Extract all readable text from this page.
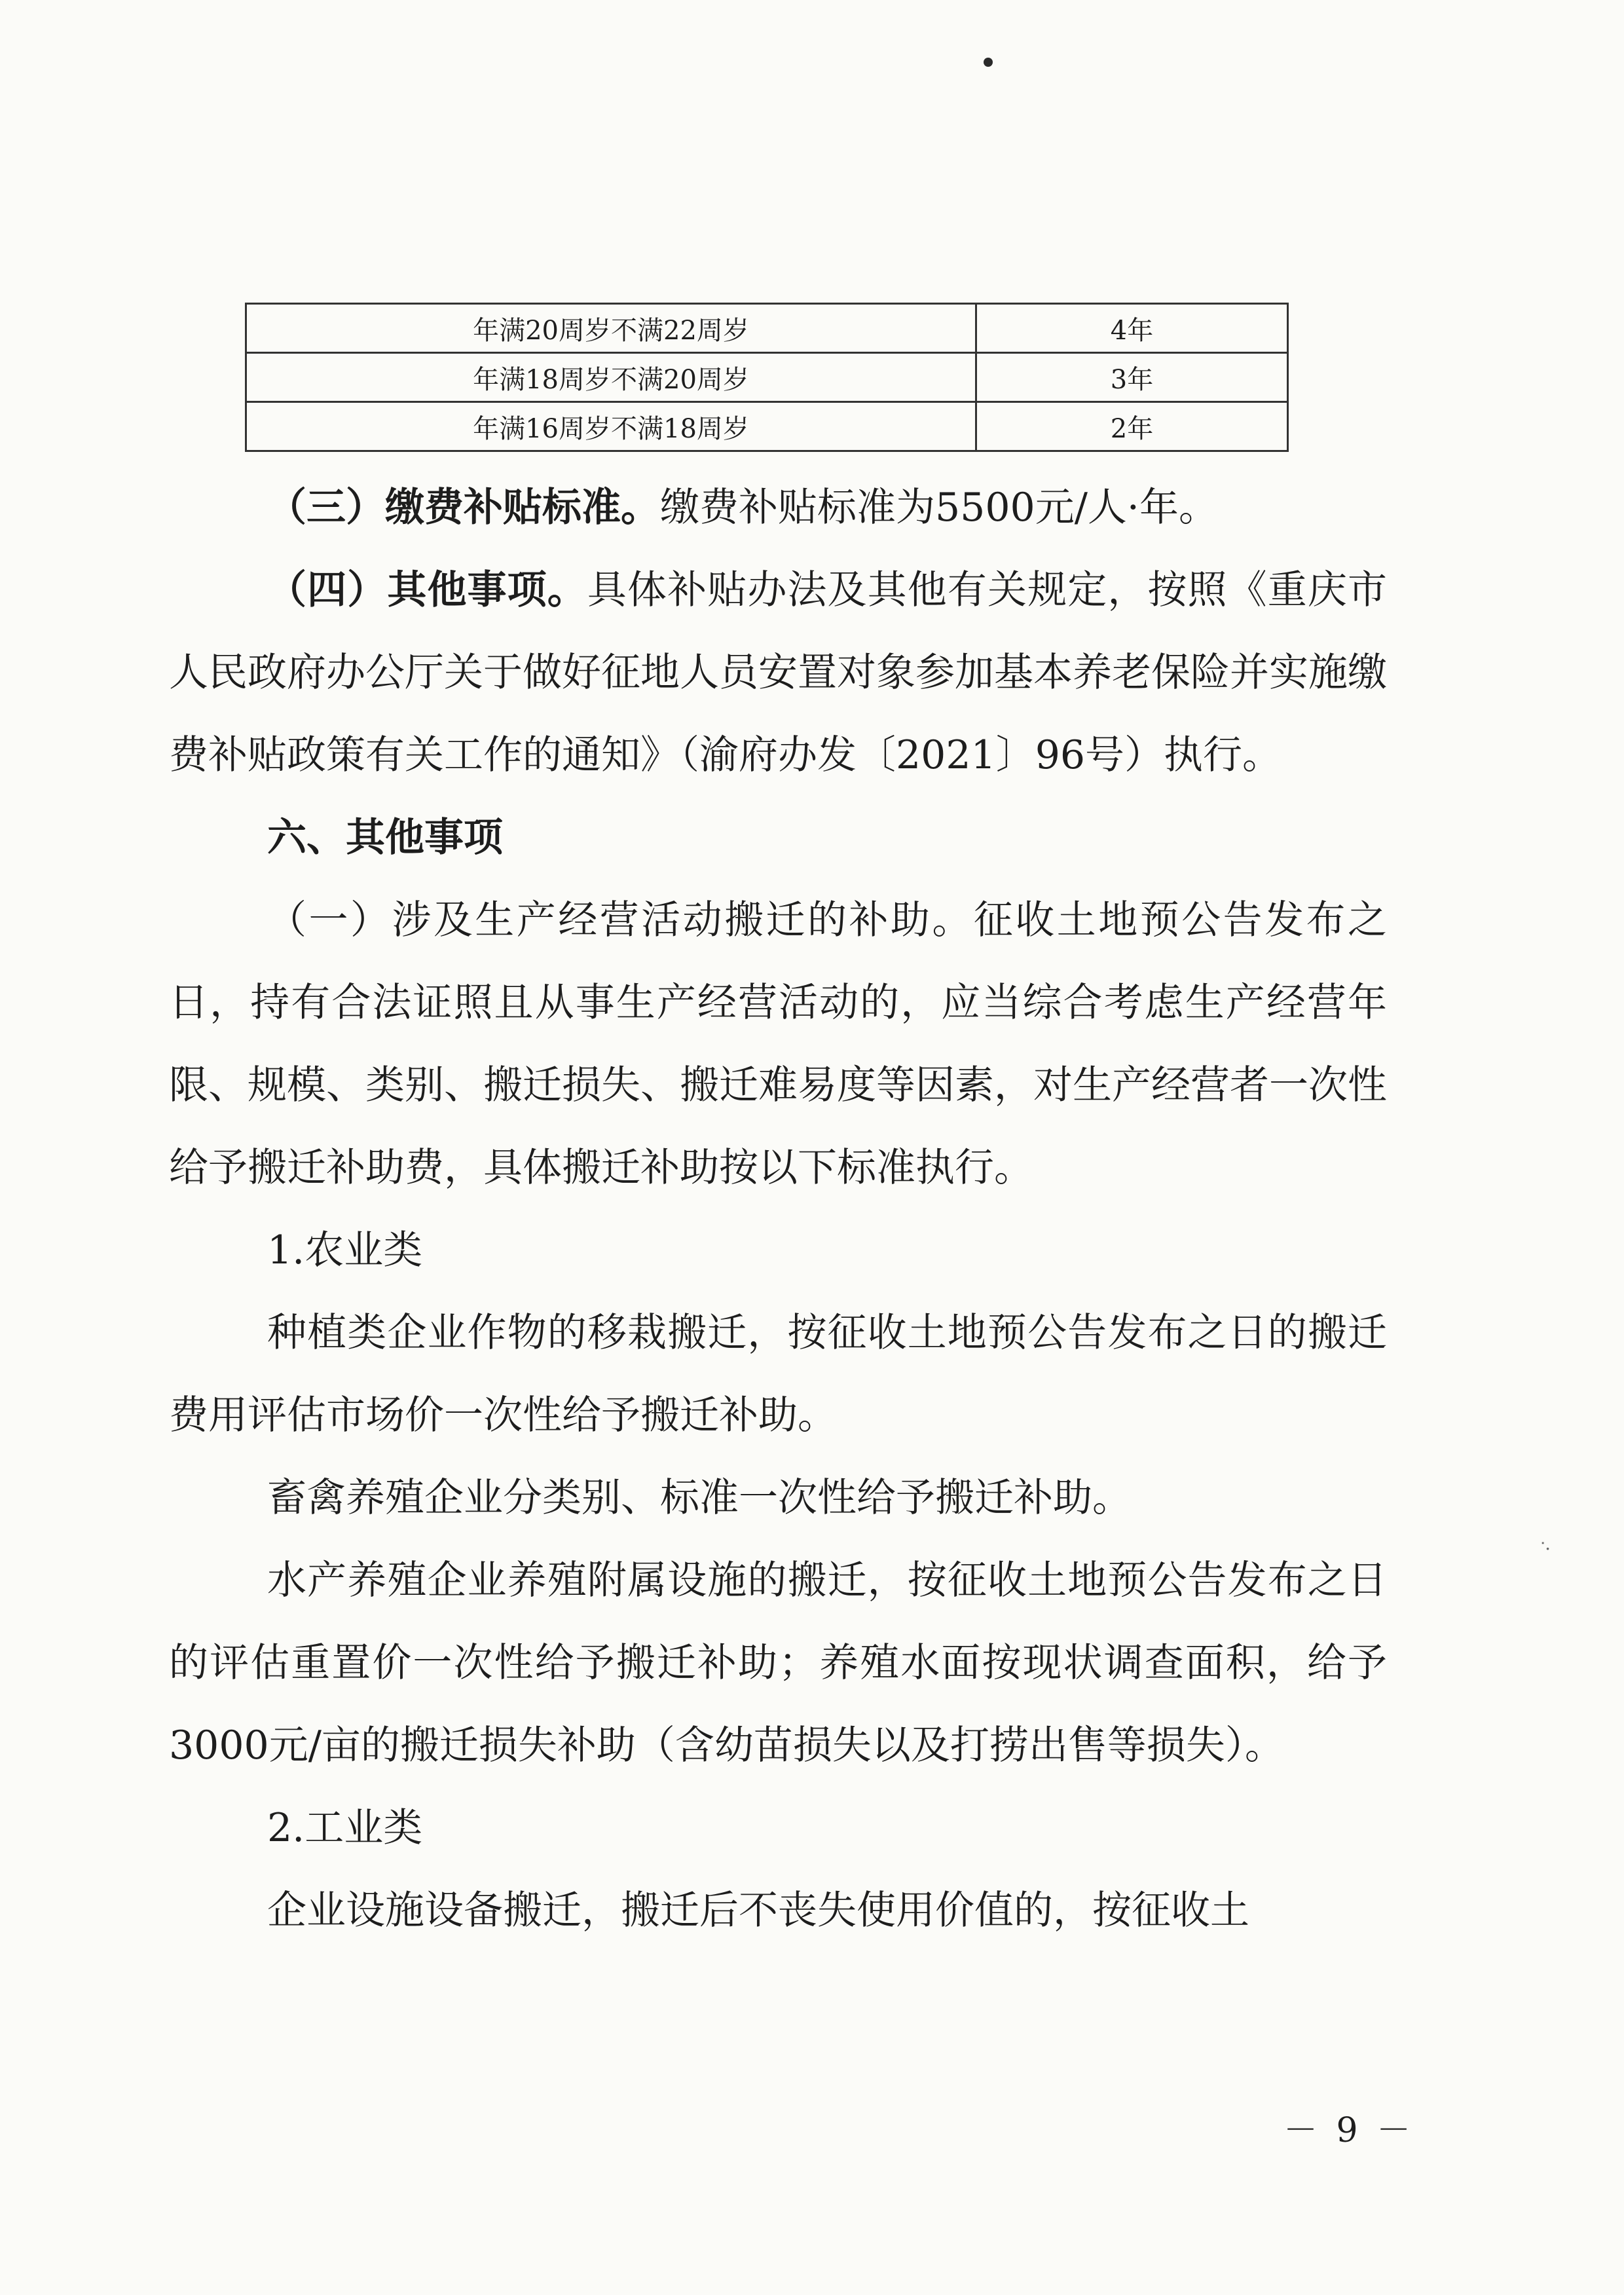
ᐧ.
年满20周岁不满22周岁	4年
年满18周岁不满20周岁	3年
年满16周岁不满18周岁	2年

（三）缴费补贴标准。缴费补贴标准为5500元/人·年。

（四）其他事项。具体补贴办法及其他有关规定，按照《重庆市人民政府办公厅关于做好征地人员安置对象参加基本养老保险并实施缴费补贴政策有关工作的通知》（渝府办发〔2021〕96号）执行。

六、其他事项

（一）涉及生产经营活动搬迁的补助。征收土地预公告发布之日，持有合法证照且从事生产经营活动的，应当综合考虑生产经营年限、规模、类别、搬迁损失、搬迁难易度等因素，对生产经营者一次性给予搬迁补助费，具体搬迁补助按以下标准执行。

1.农业类

种植类企业作物的移栽搬迁，按征收土地预公告发布之日的搬迁费用评估市场价一次性给予搬迁补助。

畜禽养殖企业分类别、标准一次性给予搬迁补助。

水产养殖企业养殖附属设施的搬迁，按征收土地预公告发布之日的评估重置价一次性给予搬迁补助；养殖水面按现状调查面积，给予3000元/亩的搬迁损失补助（含幼苗损失以及打捞出售等损失）。

2.工业类

企业设施设备搬迁，搬迁后不丧失使用价值的，按征收土

－ 9 －
